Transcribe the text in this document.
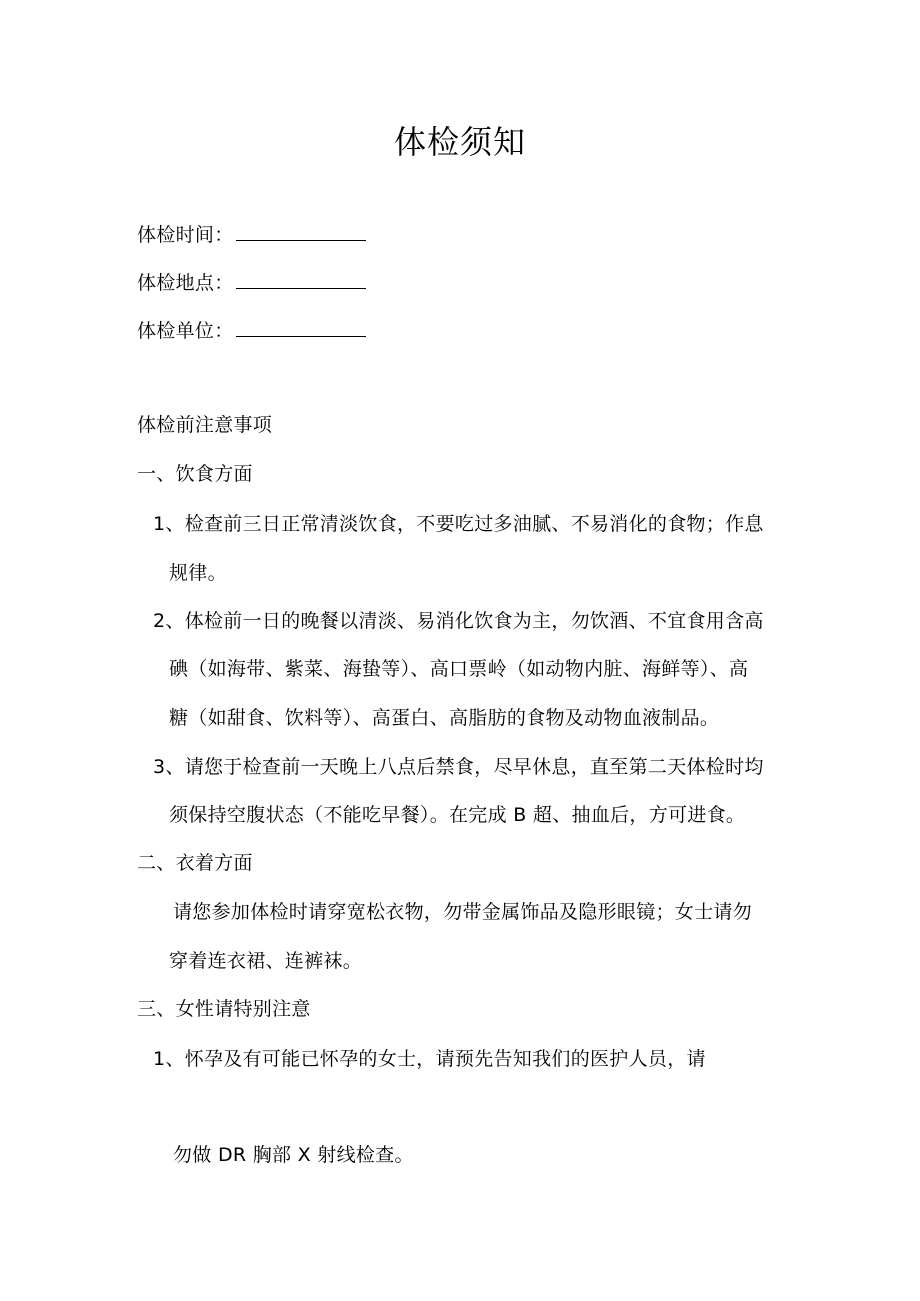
体检须知
体检时间：
体检地点：
体检单位：
体检前注意事项
一、饮食方面
1、检查前三日正常清淡饮食，不要吃过多油腻、不易消化的食物；作息
规律。
2、体检前一日的晚餐以清淡、易消化饮食为主，勿饮酒、不宜食用含高
碘（如海带、紫菜、海蛰等）、高口票岭（如动物内脏、海鲜等）、高
糖（如甜食、饮料等）、高蛋白、高脂肪的食物及动物血液制品。
3、请您于检查前一天晚上八点后禁食，尽早休息，直至第二天体检时均
须保持空腹状态（不能吃早餐）。在完成 B 超、抽血后，方可进食。
二、衣着方面
请您参加体检时请穿宽松衣物，勿带金属饰品及隐形眼镜；女士请勿
穿着连衣裙、连裤袜。
三、女性请特别注意
1、怀孕及有可能已怀孕的女士，请预先告知我们的医护人员，请
勿做 DR 胸部 X 射线检查。
